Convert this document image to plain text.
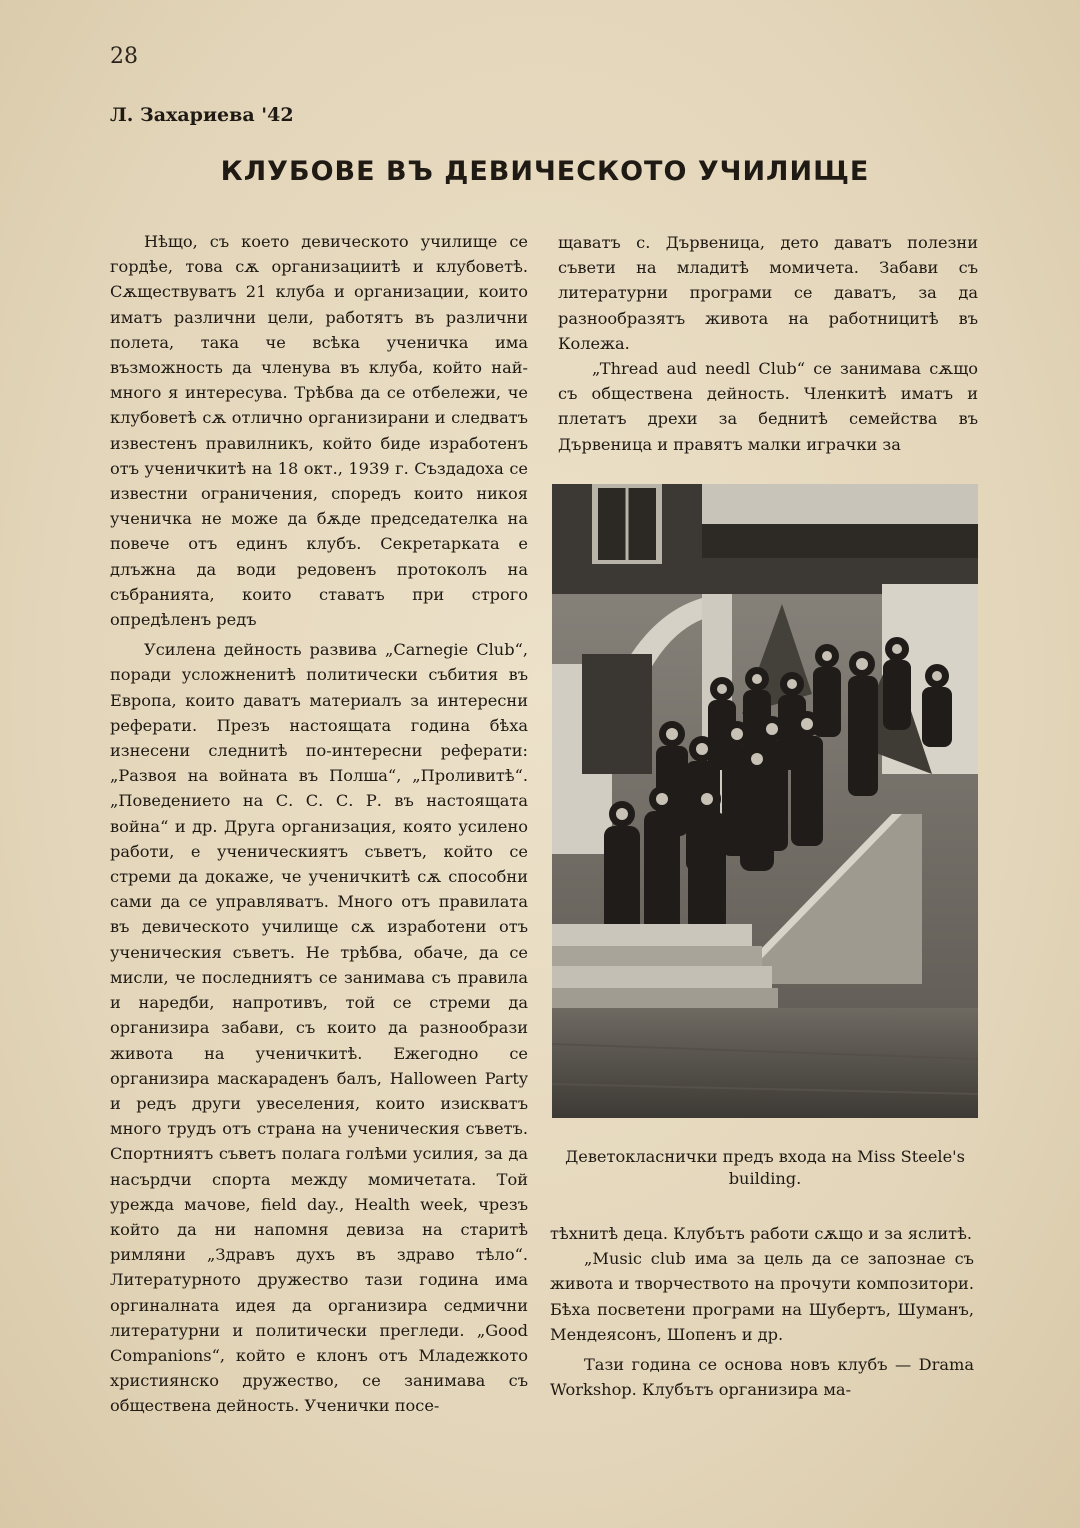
28
Л. Захариева '42
КЛУБОВЕ ВЪ ДЕВИЧЕСКОТО УЧИЛИЩЕ

Нѣщо, съ което девическото училище се гордѣе, това сѫ организациитѣ и клубоветѣ. Сѫществуватъ 21 клуба и организации, които иматъ различни цели, работятъ въ различни полета, така че всѣка ученичка има възможность да членува въ клуба, който най-много я интересува. Трѣбва да се отбележи, че клубоветѣ сѫ отлично организирани и следватъ известенъ правилникъ, който биде изработенъ отъ ученичкитѣ на 18 окт., 1939 г. Създадоха се известни ограничения, споредъ които никоя ученичка не може да бѫде председателка на повече отъ единъ клубъ. Секретарката е длъжна да води редовенъ протоколъ на събранията, които ставатъ при строго опредѣленъ редъ

Усилена дейность развива „Carnegie Club“, поради усложненитѣ политически събития въ Европа, които даватъ материалъ за интересни реферати. Презъ настоящата година бѣха изнесени следнитѣ по-интересни реферати: „Развоя на войната въ Полша“, „Проливитѣ“. „Поведението на С. С. С. Р. въ настоящата война“ и др. Друга организация, която усилено работи, е ученическиятъ съветъ, който се стреми да докаже, че ученичкитѣ сѫ способни сами да се управляватъ. Много отъ правилата въ девическото училище сѫ изработени отъ ученическия съветъ. Не трѣбва, обаче, да се мисли, че последниятъ се занимава съ правила и наредби, напротивъ, той се стреми да организира забави, съ които да разнообрази живота на ученичкитѣ. Ежегодно се организира маскараденъ балъ, Halloween Party и редъ други увеселения, които изискватъ много трудъ отъ страна на ученическия съветъ. Спортниятъ съветъ полага голѣми усилия, за да насърдчи спорта между момичетата. Той урежда мачове, field day., Health week, чрезъ който да ни напомня девиза на старитѣ римляни „Здравъ духъ въ здраво тѣло“. Литературното дружество тази година има оргиналната идея да организира седмични литературни и политически прегледи. „Good Companions“, който е клонъ отъ Младежкото християнско дружество, се занимава съ обществена дейность. Ученички посе-

щаватъ с. Дървеница, дето даватъ полезни съвети на младитѣ момичета. Забави съ литературни програми се даватъ, за да разнообразятъ живота на работницитѣ въ Колежа.

„Thread aud needl Club“ се занимава сѫщо съ обществена дейность. Членкитѣ иматъ и плетатъ дрехи за беднитѣ семейства въ Дървеница и правятъ малки играчки за

Деветокласнички предъ входа на Miss Steele's building.

тѣхнитѣ деца. Клубътъ работи сѫщо и за яслитѣ.

„Music club има за цель да се запознае съ живота и творчеството на прочути композитори. Бѣха посветени програми на Шубертъ, Шуманъ, Мендеясонъ, Шопенъ и др.

Тази година се основа новъ клубъ — Drama Workshop. Клубътъ организира ма-
